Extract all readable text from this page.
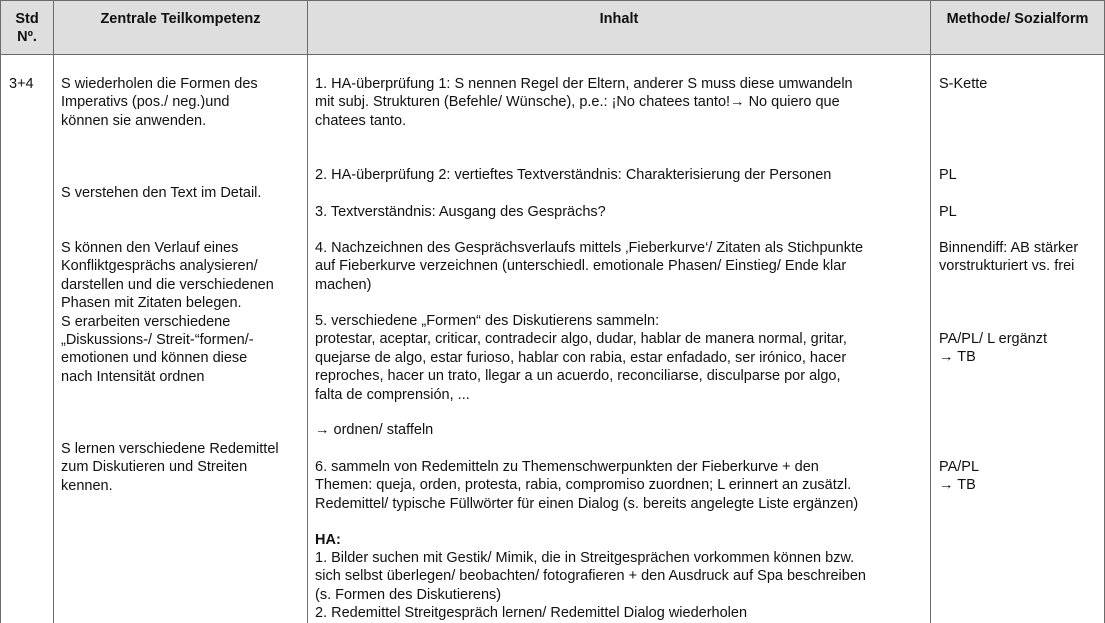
Std
Nº.
Zentrale Teilkompetenz	Inhalt	Methode/ Sozialform
3+4 S wiederholen die Formen des
Imperativs (pos./ neg.)und
können sie anwenden.
S verstehen den Text im Detail.
S können den Verlauf eines
Konfliktgesprächs analysieren/
darstellen und die verschiedenen
Phasen mit Zitaten belegen.
S erarbeiten verschiedene
„Diskussions-/ Streit-“formen/-
emotionen und können diese
nach Intensität ordnen
S lernen verschiedene Redemittel
zum Diskutieren und Streiten
kennen.
1. HA-überprüfung 1: S nennen Regel der Eltern, anderer S muss diese umwandeln
mit subj. Strukturen (Befehle/ Wünsche), p.e.: ¡No chatees tanto!→ No quiero que
chatees tanto.
2. HA-überprüfung 2: vertieftes Textverständnis: Charakterisierung der Personen
3. Textverständnis: Ausgang des Gesprächs?
4. Nachzeichnen des Gesprächsverlaufs mittels ‚Fieberkurve‘/ Zitaten als Stichpunkte
auf Fieberkurve verzeichnen (unterschiedl. emotionale Phasen/ Einstieg/ Ende klar
machen)
5. verschiedene „Formen“ des Diskutierens sammeln:
protestar, aceptar, criticar, contradecir algo, dudar, hablar de manera normal, gritar,
quejarse de algo, estar furioso, hablar con rabia, estar enfadado, ser irónico, hacer
reproches, hacer un trato, llegar a un acuerdo, reconciliarse, disculparse por algo,
falta de comprensión, ...
→ ordnen/ staffeln
6. sammeln von Redemitteln zu Themenschwerpunkten der Fieberkurve + den
Themen: queja, orden, protesta, rabia, compromiso zuordnen; L erinnert an zusätzl.
Redemittel/ typische Füllwörter für einen Dialog (s. bereits angelegte Liste ergänzen)
HA:
1. Bilder suchen mit Gestik/ Mimik, die in Streitgesprächen vorkommen können bzw.
sich selbst überlegen/ beobachten/ fotografieren + den Ausdruck auf Spa beschreiben
(s. Formen des Diskutierens)
2. Redemittel Streitgespräch lernen/ Redemittel Dialog wiederholen
S-Kette
PL
PL
Binnendiff: AB stärker
vorstrukturiert vs. frei
PA/PL/ L ergänzt
→ TB
PA/PL
→ TB
